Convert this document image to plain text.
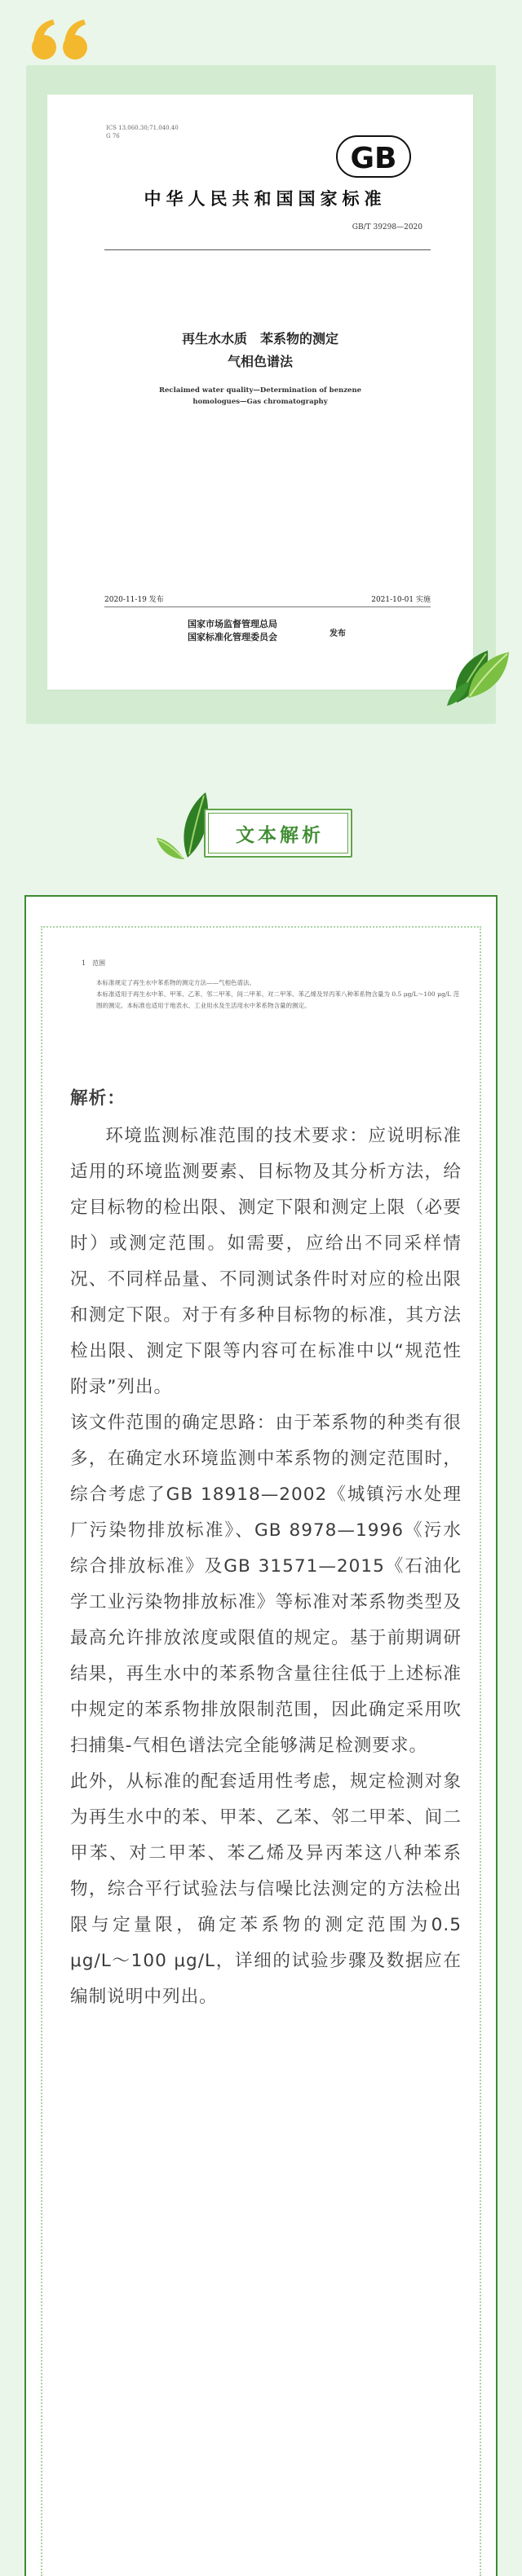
ICS 13.060.30;71.040.40
G 76
GB
中华人民共和国国家标准
GB/T 39298—2020
再生水水质　苯系物的测定
气相色谱法
Reclaimed water quality—Determination of benzene
homologues—Gas chromatography
2020-11-19 发布	2021-10-01 实施
国家市场监督管理总局
国家标准化管理委员会	发布
文本解析
1　范围
本标准规定了再生水中苯系物的测定方法——气相色谱法。
本标准适用于再生水中苯、甲苯、乙苯、邻二甲苯、间二甲苯、对二甲苯、苯乙烯及异丙苯八种苯系物含量为 0.5 μg/L～100 μg/L 范围的测定。本标准也适用于地表水、工业用水及生活用水中苯系物含量的测定。
解析：

环境监测标准范围的技术要求：应说明标准适用的环境监测要素、目标物及其分析方法，给定目标物的检出限、测定下限和测定上限（必要时）或测定范围。如需要，应给出不同采样情况、不同样品量、不同测试条件时对应的检出限和测定下限。对于有多种目标物的标准，其方法检出限、测定下限等内容可在标准中以“规范性附录”列出。

该文件范围的确定思路：由于苯系物的种类有很多，在确定水环境监测中苯系物的测定范围时，综合考虑了GB 18918—2002《城镇污水处理厂污染物排放标准》、GB 8978—1996《污水综合排放标准》及GB 31571—2015《石油化学工业污染物排放标准》等标准对苯系物类型及最高允许排放浓度或限值的规定。基于前期调研结果，再生水中的苯系物含量往往低于上述标准中规定的苯系物排放限制范围，因此确定采用吹扫捕集-气相色谱法完全能够满足检测要求。

此外，从标准的配套适用性考虑，规定检测对象为再生水中的苯、甲苯、乙苯、邻二甲苯、间二甲苯、对二甲苯、苯乙烯及异丙苯这八种苯系物，综合平行试验法与信噪比法测定的方法检出限与定量限，确定苯系物的测定范围为0.5 μg/L～100 μg/L，详细的试验步骤及数据应在编制说明中列出。
